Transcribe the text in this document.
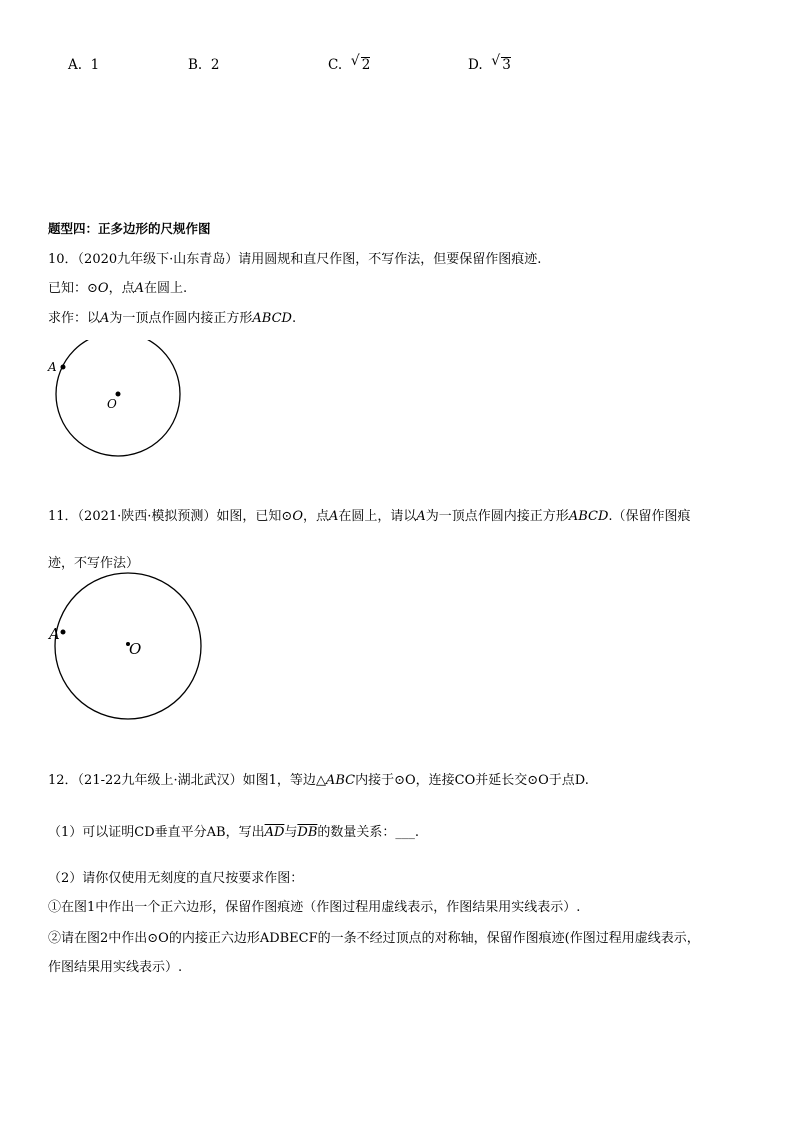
A. 1	B. 2	C. √ 2	D. √ 3
题型四：正多边形的尺规作图
10．（2020九年级下·山东青岛）请用圆规和直尺作图，不写作法，但要保留作图痕迹.
已知：⊙O，点A在圆上.
求作：以A为一顶点作圆内接正方形ABCD.
A
O
11．（2021·陕西·模拟预测）如图，已知⊙O，点A在圆上，请以A为一顶点作圆内接正方形ABCD.（保留作图痕
迹，不写作法）
A
O
12．（21-22九年级上·湖北武汉）如图1，等边△ABC内接于⊙O，连接CO并延长交⊙O于点D.
（1）可以证明CD垂直平分AB，写出$\overline{AD}$与$\overline{DB}$的数量关系：___.
（2）请你仅使用无刻度的直尺按要求作图：
①在图1中作出一个正六边形，保留作图痕迹（作图过程用虚线表示，作图结果用实线表示）.
②请在图2中作出⊙O的内接正六边形ADBECF的一条不经过顶点的对称轴，保留作图痕迹(作图过程用虚线表示，
作图结果用实线表示）.
